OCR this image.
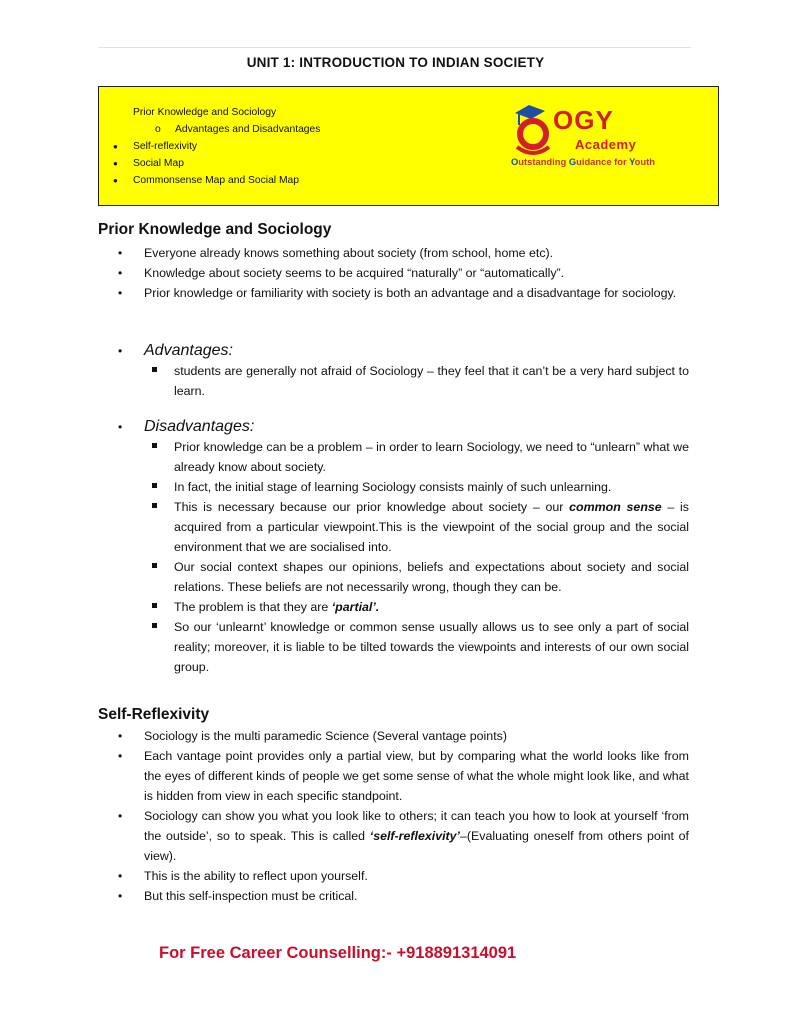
UNIT 1: INTRODUCTION TO INDIAN SOCIETY
Prior Knowledge and Sociology
o Advantages and Disadvantages
● Self-reflexivity
● Social Map
● Commonsense Map and Social Map
OGY
Academy
Outstanding Guidance for Youth
Prior Knowledge and Sociology
• Everyone already knows something about society (from school, home etc).
• Knowledge about society seems to be acquired “naturally” or “automatically”.
• Prior knowledge or familiarity with society is both an advantage and a disadvantage for sociology.
• Advantages:
students are generally not afraid of Sociology – they feel that it can’t be a very hard subject to learn.
• Disadvantages:
Prior knowledge can be a problem – in order to learn Sociology, we need to “unlearn” what we already know about society.
In fact, the initial stage of learning Sociology consists mainly of such unlearning.
This is necessary because our prior knowledge about society – our common sense – is acquired from a particular viewpoint.This is the viewpoint of the social group and the social environment that we are socialised into.
Our social context shapes our opinions, beliefs and expectations about society and social relations. These beliefs are not necessarily wrong, though they can be.
The problem is that they are ‘partial’.
So our ‘unlearnt’ knowledge or common sense usually allows us to see only a part of social reality; moreover, it is liable to be tilted towards the viewpoints and interests of our own social group.
Self-Reflexivity
• Sociology is the multi paramedic Science (Several vantage points)
• Each vantage point provides only a partial view, but by comparing what the world looks like from the eyes of different kinds of people we get some sense of what the whole might look like, and what is hidden from view in each specific standpoint.
• Sociology can show you what you look like to others; it can teach you how to look at yourself ‘from the outside’, so to speak. This is called ‘self-reflexivity’–(Evaluating oneself from others point of view).
• This is the ability to reflect upon yourself.
• But this self-inspection must be critical.
For Free Career Counselling:- +918891314091
